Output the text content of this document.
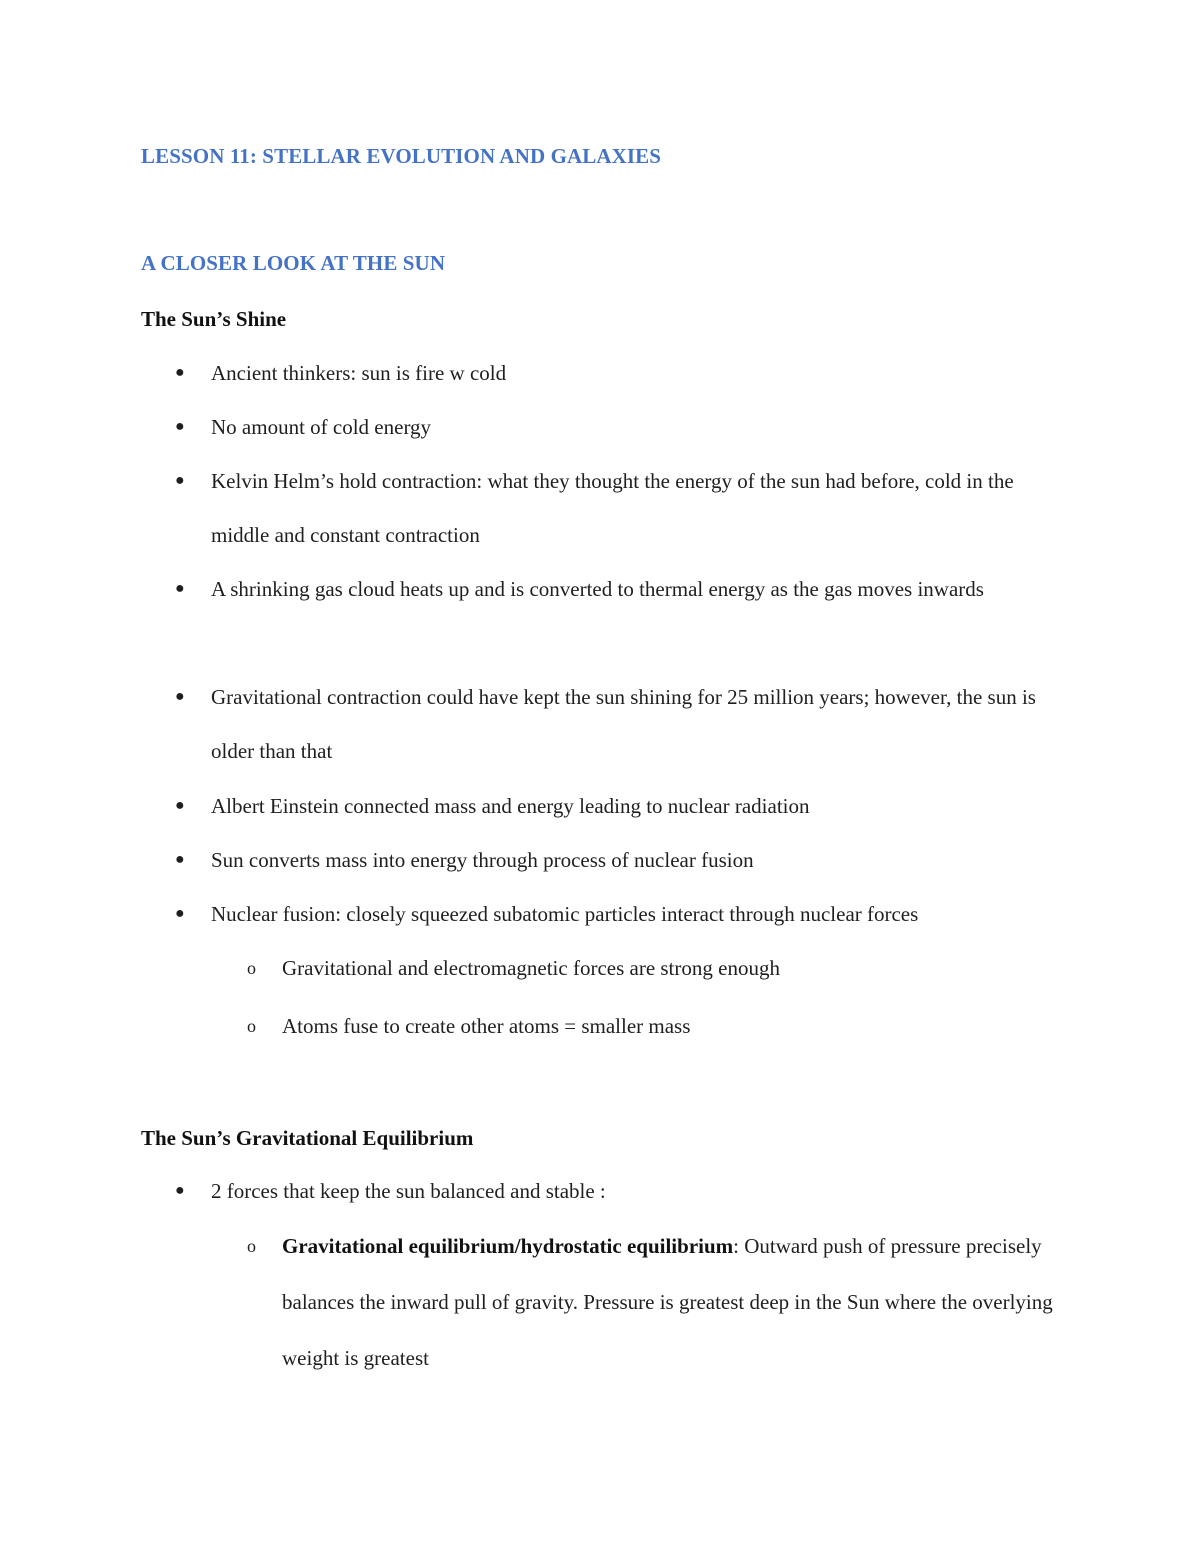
LESSON 11: STELLAR EVOLUTION AND GALAXIES
A CLOSER LOOK AT THE SUN
The Sun’s Shine
● Ancient thinkers: sun is fire w cold
● No amount of cold energy
● Kelvin Helm’s hold contraction: what they thought the energy of the sun had before, cold in the middle and constant contraction
● A shrinking gas cloud heats up and is converted to thermal energy as the gas moves inwards
● Gravitational contraction could have kept the sun shining for 25 million years; however, the sun is older than that
● Albert Einstein connected mass and energy leading to nuclear radiation
● Sun converts mass into energy through process of nuclear fusion
● Nuclear fusion: closely squeezed subatomic particles interact through nuclear forces
o Gravitational and electromagnetic forces are strong enough
o Atoms fuse to create other atoms = smaller mass
The Sun’s Gravitational Equilibrium
● 2 forces that keep the sun balanced and stable :
o Gravitational equilibrium/hydrostatic equilibrium: Outward push of pressure precisely balances the inward pull of gravity. Pressure is greatest deep in the Sun where the overlying weight is greatest
